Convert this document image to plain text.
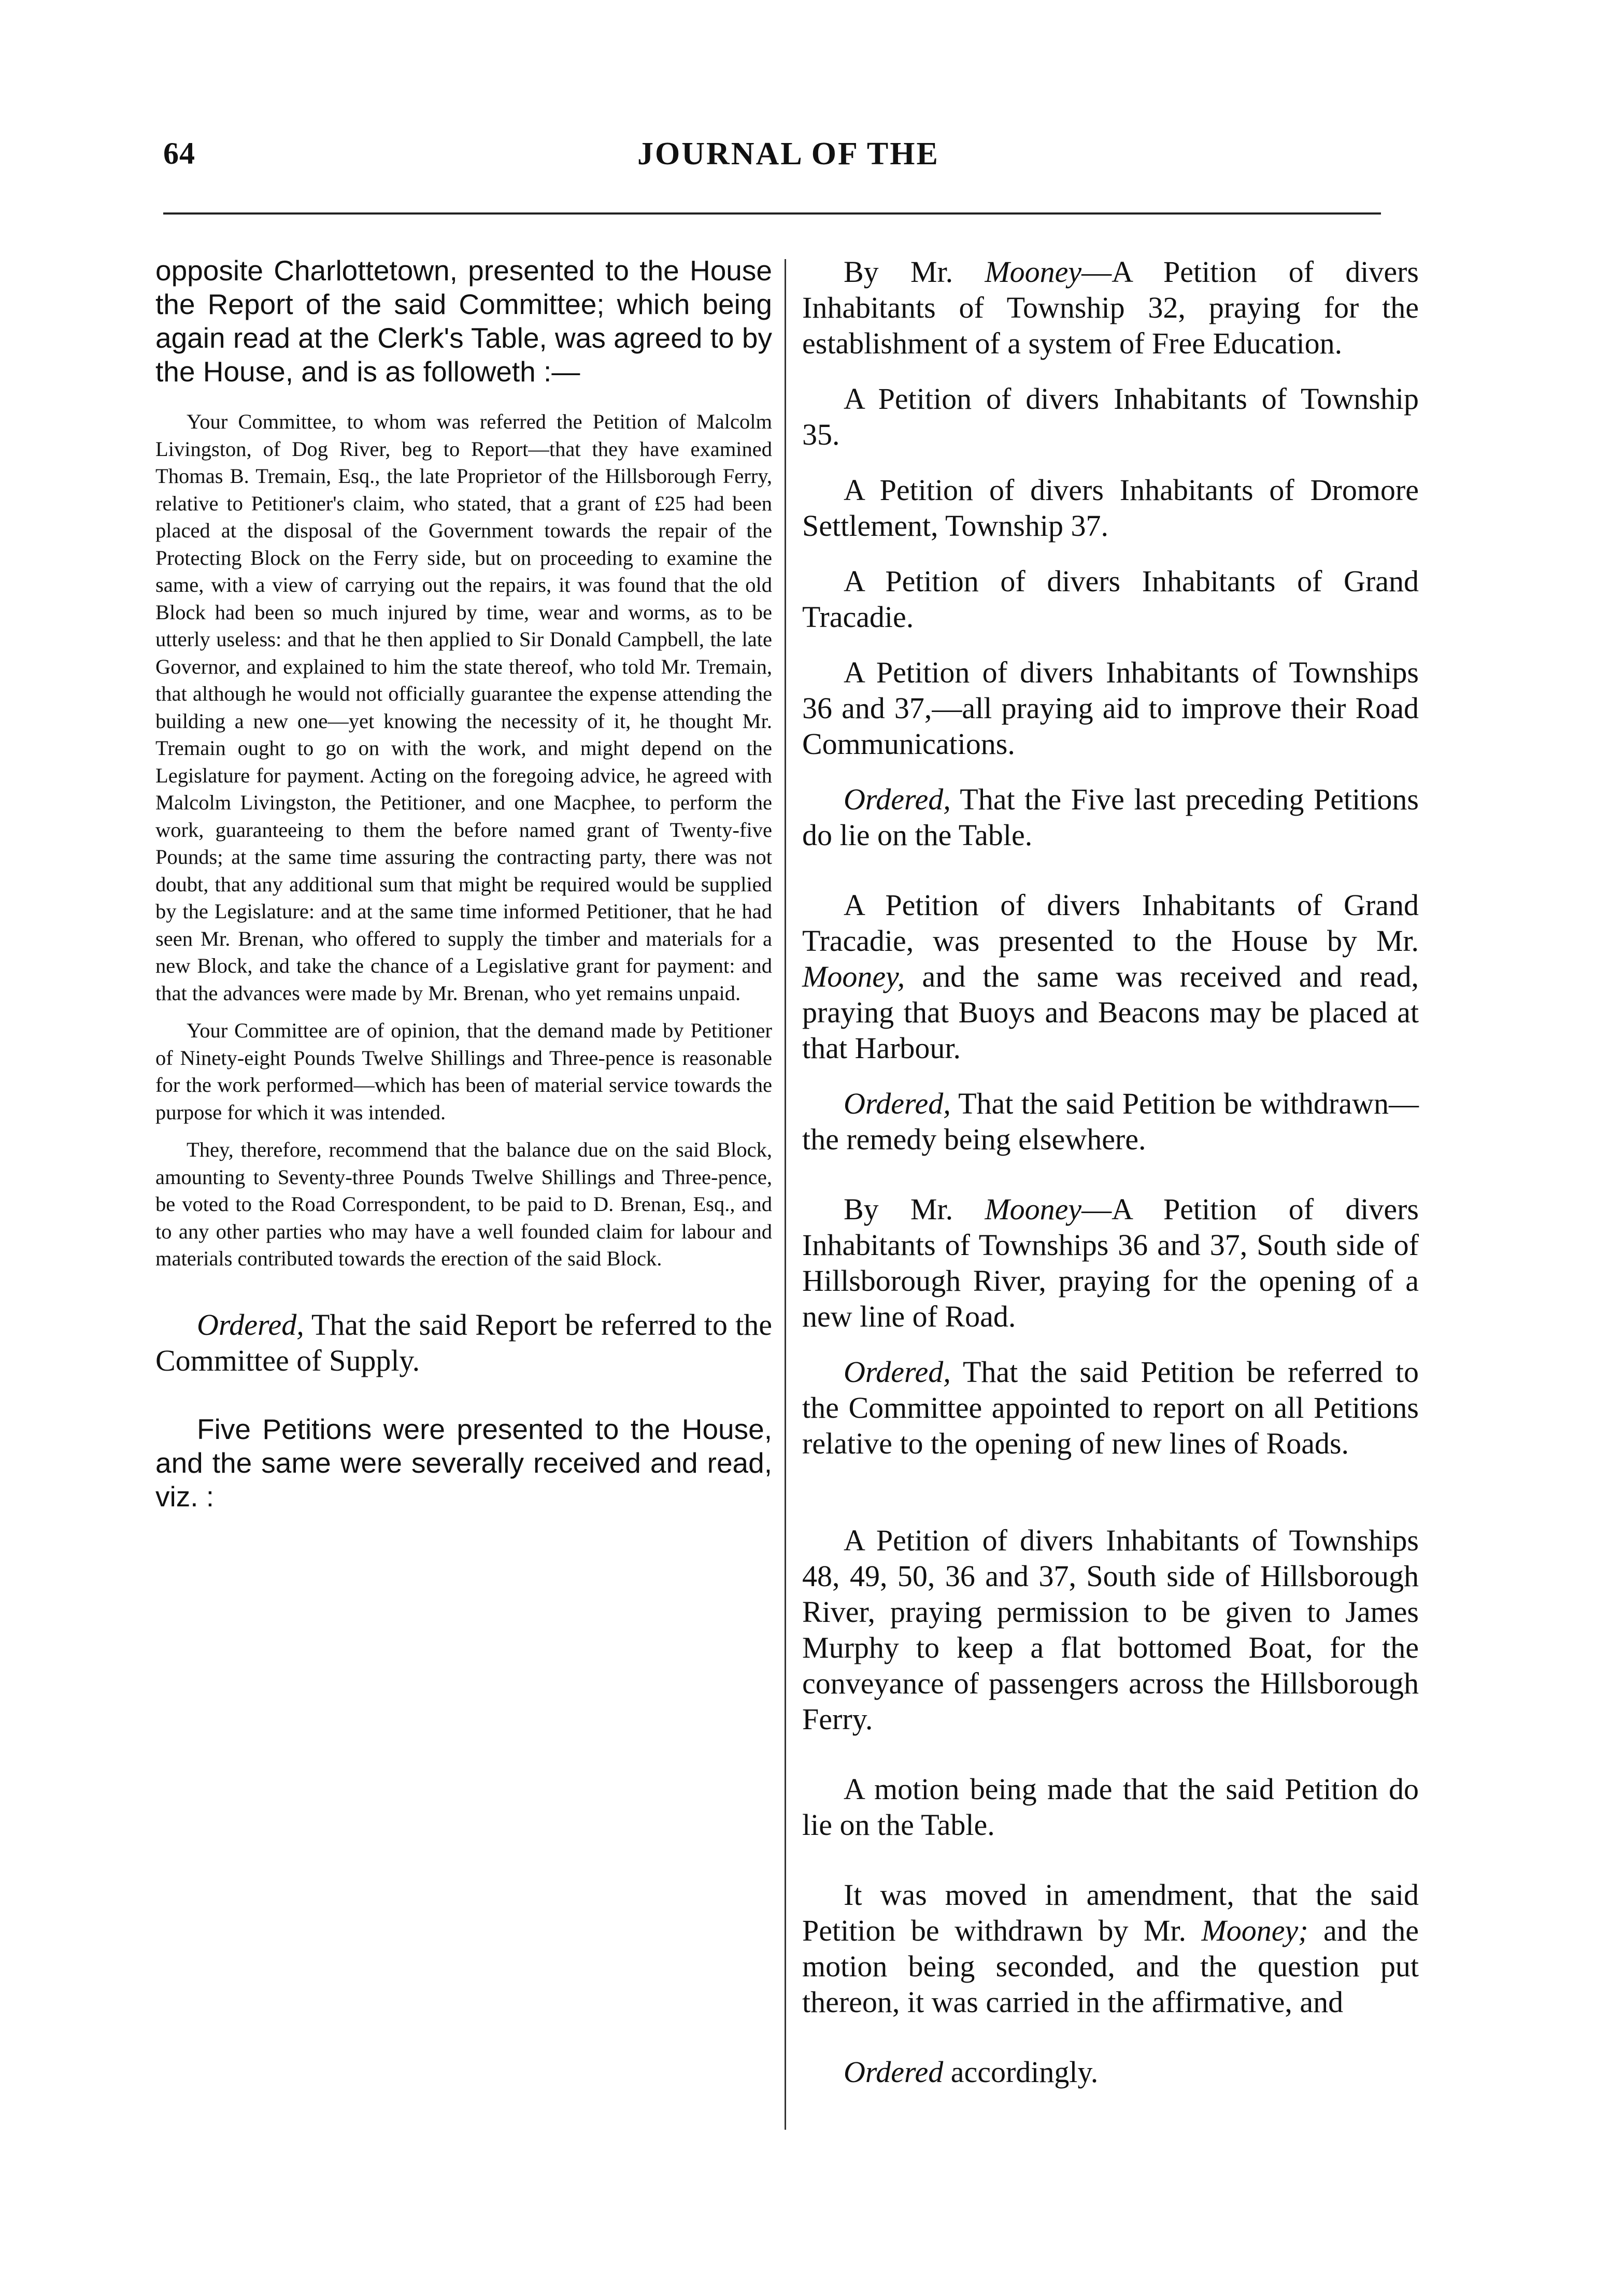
64	JOURNAL OF THE

opposite Charlottetown, presented to the House the Report of the said Committee; which being again read at the Clerk's Table, was agreed to by the House, and is as followeth :—

Your Committee, to whom was referred the Petition of Malcolm Livingston, of Dog River, beg to Report—that they have examined Thomas B. Tremain, Esq., the late Proprietor of the Hillsborough Ferry, relative to Petitioner's claim, who stated, that a grant of £25 had been placed at the disposal of the Government towards the repair of the Protecting Block on the Ferry side, but on proceeding to examine the same, with a view of carrying out the repairs, it was found that the old Block had been so much injured by time, wear and worms, as to be utterly useless: and that he then applied to Sir Donald Campbell, the late Governor, and explained to him the state thereof, who told Mr. Tremain, that although he would not officially guarantee the expense attending the building a new one—yet knowing the necessity of it, he thought Mr. Tremain ought to go on with the work, and might depend on the Legislature for payment. Acting on the foregoing advice, he agreed with Malcolm Livingston, the Petitioner, and one Macphee, to perform the work, guaranteeing to them the before named grant of Twenty-five Pounds; at the same time assuring the contracting party, there was not doubt, that any additional sum that might be required would be supplied by the Legislature: and at the same time informed Petitioner, that he had seen Mr. Brenan, who offered to supply the timber and materials for a new Block, and take the chance of a Legislative grant for payment: and that the advances were made by Mr. Brenan, who yet remains unpaid.

Your Committee are of opinion, that the demand made by Petitioner of Ninety-eight Pounds Twelve Shillings and Three-pence is reasonable for the work performed—which has been of material service towards the purpose for which it was intended.

They, therefore, recommend that the balance due on the said Block, amounting to Seventy-three Pounds Twelve Shillings and Three-pence, be voted to the Road Correspondent, to be paid to D. Brenan, Esq., and to any other parties who may have a well founded claim for labour and materials contributed towards the erection of the said Block.

Ordered, That the said Report be referred to the Committee of Supply.

Five Petitions were presented to the House, and the same were severally received and read, viz. :

By Mr. Mooney—A Petition of divers Inhabitants of Township 32, praying for the establishment of a system of Free Education.

A Petition of divers Inhabitants of Township 35.

A Petition of divers Inhabitants of Dromore Settlement, Township 37.

A Petition of divers Inhabitants of Grand Tracadie.

A Petition of divers Inhabitants of Townships 36 and 37,—all praying aid to improve their Road Communications.

Ordered, That the Five last preceding Petitions do lie on the Table.

A Petition of divers Inhabitants of Grand Tracadie, was presented to the House by Mr. Mooney, and the same was received and read, praying that Buoys and Beacons may be placed at that Harbour.

Ordered, That the said Petition be withdrawn—the remedy being elsewhere.

By Mr. Mooney—A Petition of divers Inhabitants of Townships 36 and 37, South side of Hillsborough River, praying for the opening of a new line of Road.

Ordered, That the said Petition be referred to the Committee appointed to report on all Petitions relative to the opening of new lines of Roads.

A Petition of divers Inhabitants of Townships 48, 49, 50, 36 and 37, South side of Hillsborough River, praying permission to be given to James Murphy to keep a flat bottomed Boat, for the conveyance of passengers across the Hillsborough Ferry.

A motion being made that the said Petition do lie on the Table.

It was moved in amendment, that the said Petition be withdrawn by Mr. Mooney; and the motion being seconded, and the question put thereon, it was carried in the affirmative, and

Ordered accordingly.
